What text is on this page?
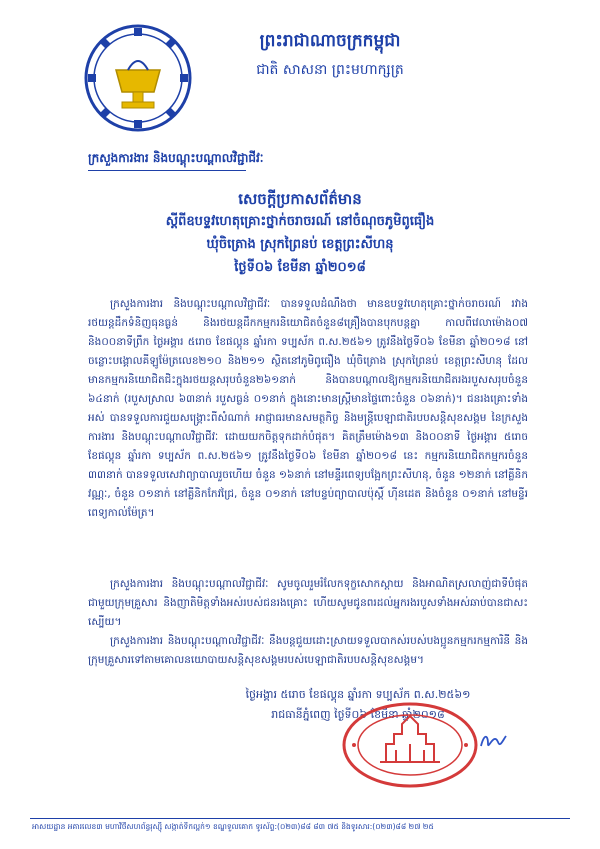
ព្រះរាជាណាចក្រកម្ពុជា
ជាតិ សាសនា ព្រះមហាក្សត្រ
ក្រសួងការងារ និងបណ្ដុះបណ្ដាលវិជ្ជាជីវៈ
សេចក្ដីប្រកាសព័ត៌មាន
ស្ដីពីឧបទ្ទវហេតុគ្រោះថ្នាក់ចរាចរណ៍ នៅចំណុចភូមិពូធឿង
ឃុំចិត្រោង ស្រុកព្រៃនប់ ខេត្តព្រះសីហនុ
ថ្ងៃទី០៦ ខែមីនា ឆ្នាំ២០១៨

ក្រសួងការងារ និងបណ្ដុះបណ្ដាលវិជ្ជាជីវៈ បានទទួលដំណឹងថា មានឧបទ្ទវហេតុគ្រោះថ្នាក់ចរាចរណ៍ រវាងរថយន្តដឹកទំនិញធុនធ្ងន់ និងរថយន្តដឹកកម្មករនិយោជិតចំនួន៨គ្រឿងបានបុកបន្តគ្នា កាលពីវេលាម៉ោង០៧ និង០០នាទីព្រឹក ថ្ងៃអង្គារ ៥រោច ខែផល្គុន ឆ្នាំរកា ទប្បស័ក ព.ស.២៥៦១ ត្រូវនឹងថ្ងៃទី០៦ ខែមីនា ឆ្នាំ២០១៨ នៅចន្លោះបង្គោលគីឡូម៉ែត្រលេខ២១០ និង២១១ ស្ថិតនៅភូមិពូធឿង ឃុំចិត្រោង ស្រុកព្រៃនប់ ខេត្តព្រះសីហនុ ដែលមានកម្មករនិយោជិតជិះក្នុងរថយន្តសរុបចំនួន២៦១នាក់ និងបានបណ្ដាលឱ្យកម្មករនិយោជិតរងរបួសសរុបចំនួន ៦៤នាក់ (របួសស្រាល ៦៣នាក់ របួសធ្ងន់ ០១នាក់ ក្នុងនោះមានស្ត្រីមានផ្ទៃពោះចំនួន ០៦នាក់)។ ជនរងគ្រោះទាំងអស់ បានទទួលការជួយសង្គ្រោះពីសំណាក់ អាជ្ញាធរមានសមត្ថកិច្ច និងមន្ត្រីបេឡាជាតិរបបសន្តិសុខសង្គម នៃក្រសួងការងារ និងបណ្ដុះបណ្ដាលវិជ្ជាជីវៈ ដោយយកចិត្តទុកដាក់បំផុត។ គិតត្រឹមម៉ោង១៣ និង០០នាទី ថ្ងៃអង្គារ ៥រោច ខែផល្គុន ឆ្នាំរកា ទប្បស័ក ព.ស.២៥៦១ ត្រូវនឹងថ្ងៃទី០៦ ខែមីនា ឆ្នាំ២០១៨ នេះ កម្មករនិយោជិតកម្មករចំនួន ៣៣នាក់ បានទទួលសេវាព្យាបាលរួចហើយ ចំនួន ១៦នាក់ នៅមន្ទីរពេទ្យបង្អែកព្រះសីហនុ, ចំនួន ១២នាក់ នៅគ្លីនិកវណ្ណៈ, ចំនួន ០១នាក់ នៅគ្លីនិកកែវជ្រៃ, ចំនួន ០១នាក់ នៅបន្ទប់ព្យាបាលប៉ុស្តិ៍ ហ៊ីនដេត និងចំនួន ០១នាក់ នៅមន្ទីរពេទ្យកាល់ម៉ែត្រ។

ក្រសួងការងារ និងបណ្ដុះបណ្ដាលវិជ្ជាជីវៈ សូមចូលរួមរំលែកទុក្ខសោកស្ដាយ និងអាណិតស្រលាញ់ជាទីបំផុតជាមួយក្រុមគ្រួសារ និងញាតិមិត្តទាំងអស់របស់ជនរងគ្រោះ ហើយសូមជូនពរដល់អ្នករងរបួសទាំងអស់ឆាប់បានជាសះស្បើយ។

ក្រសួងការងារ និងបណ្ដុះបណ្ដាលវិជ្ជាជីវៈ នឹងបន្តជួយដោះស្រាយទទួលបាកស់របស់បងប្អូនកម្មករកម្មការិនី និងក្រុមគ្រួសារទៅតាមគោលនយោបាយសន្តិសុខសង្គមរបស់បេឡាជាតិរបបសន្តិសុខសង្គម។

ថ្ងៃអង្គារ ៥រោច ខែផល្គុន ឆ្នាំរកា ទប្បស័ក ព.ស.២៥៦១
រាជធានីភ្នំពេញ ថ្ងៃទី០៦ ខែមីនា ឆ្នាំ២០១៨
អាសយដ្ឋាន អគារលេខ៣ មហាវិថីសហព័ន្ធរុស្ស៊ី សង្កាត់ទឹកល្អក់១ ខណ្ឌទួលគោក ទូរស័ព្ទ:(០២៣)៨៨ ៨៣ ៧៥ និងទូរសារ:(០២៣)៨៨ ២៧ ២៥
